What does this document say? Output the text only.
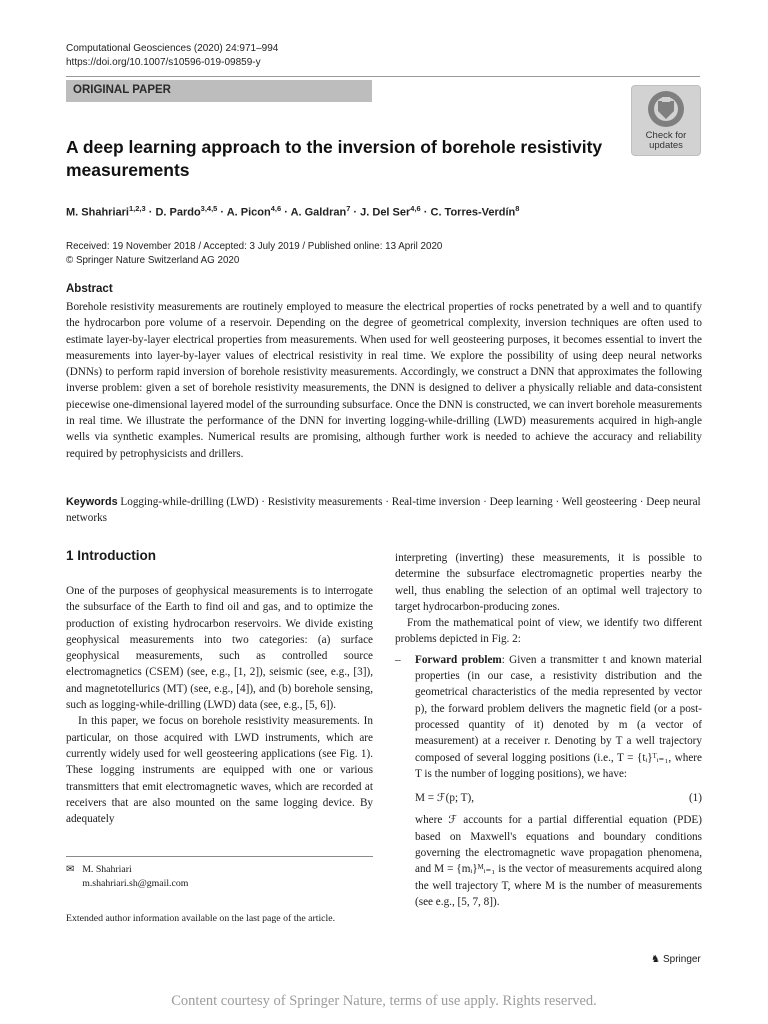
Computational Geosciences (2020) 24:971–994
https://doi.org/10.1007/s10596-019-09859-y
ORIGINAL PAPER
Check for
updates
A deep learning approach to the inversion of borehole resistivity measurements
M. Shahriari$^{1,2,3}$ · D. Pardo$^{3,4,5}$ · A. Picon$^{4,6}$ · A. Galdran$^7$ · J. Del Ser$^{4,6}$ · C. Torres-Verdín$^8$
Received: 19 November 2018 / Accepted: 3 July 2019 / Published online: 13 April 2020
© Springer Nature Switzerland AG 2020
Abstract
Borehole resistivity measurements are routinely employed to measure the electrical properties of rocks penetrated by a well and to quantify the hydrocarbon pore volume of a reservoir. Depending on the degree of geometrical complexity, inversion techniques are often used to estimate layer-by-layer electrical properties from measurements. When used for well geosteering purposes, it becomes essential to invert the measurements into layer-by-layer values of electrical resistivity in real time. We explore the possibility of using deep neural networks (DNNs) to perform rapid inversion of borehole resistivity measurements. Accordingly, we construct a DNN that approximates the following inverse problem: given a set of borehole resistivity measurements, the DNN is designed to deliver a physically reliable and data-consistent piecewise one-dimensional layered model of the surrounding subsurface. Once the DNN is constructed, we can invert borehole measurements in real time. We illustrate the performance of the DNN for inverting logging-while-drilling (LWD) measurements acquired in high-angle wells via synthetic examples. Numerical results are promising, although further work is needed to achieve the accuracy and reliability required by petrophysicists and drillers.
Keywords Logging-while-drilling (LWD) · Resistivity measurements · Real-time inversion · Deep learning · Well geosteering · Deep neural networks
1 Introduction

One of the purposes of geophysical measurements is to interrogate the subsurface of the Earth to find oil and gas, and to optimize the production of existing hydrocarbon reservoirs. We divide existing geophysical measurements into two categories: (a) surface geophysical measurements, such as controlled source electromagnetics (CSEM) (see, e.g., [1, 2]), seismic (see, e.g., [3]), and magnetotellurics (MT) (see, e.g., [4]), and (b) borehole sensing, such as logging-while-drilling (LWD) data (see, e.g., [5, 6]).

In this paper, we focus on borehole resistivity measurements. In particular, on those acquired with LWD instruments, which are currently widely used for well geosteering applications (see Fig. 1). These logging instruments are equipped with one or various transmitters that emit electromagnetic waves, which are recorded at receivers that are also mounted on the same logging device. By adequately

✉ M. Shahriari
m.shahriari.sh@gmail.com
Extended author information available on the last page of the article.

interpreting (inverting) these measurements, it is possible to determine the subsurface electromagnetic properties nearby the well, thus enabling the selection of an optimal well trajectory to target hydrocarbon-producing zones.

From the mathematical point of view, we identify two different problems depicted in Fig. 2:

–	Forward problem: Given a transmitter t and known material properties (in our case, a resistivity distribution and the geometrical characteristics of the media represented by vector p), the forward problem delivers the magnetic field (or a post-processed quantity of it) denoted by m (a vector of measurement) at a receiver r. Denoting by T a well trajectory composed of several logging positions (i.e., T = {tᵢ}ᵀᵢ₌₁, where T is the number of logging positions), we have:
M = ℱ(p; T),	(1)
where ℱ accounts for a partial differential equation (PDE) based on Maxwell's equations and boundary conditions governing the electromagnetic wave propagation phenomena, and M = {mᵢ}ᴹᵢ₌₁ is the vector of measurements acquired along the well trajectory T, where M is the number of measurements (see e.g., [5, 7, 8]).
♞ Springer
Content courtesy of Springer Nature, terms of use apply. Rights reserved.
